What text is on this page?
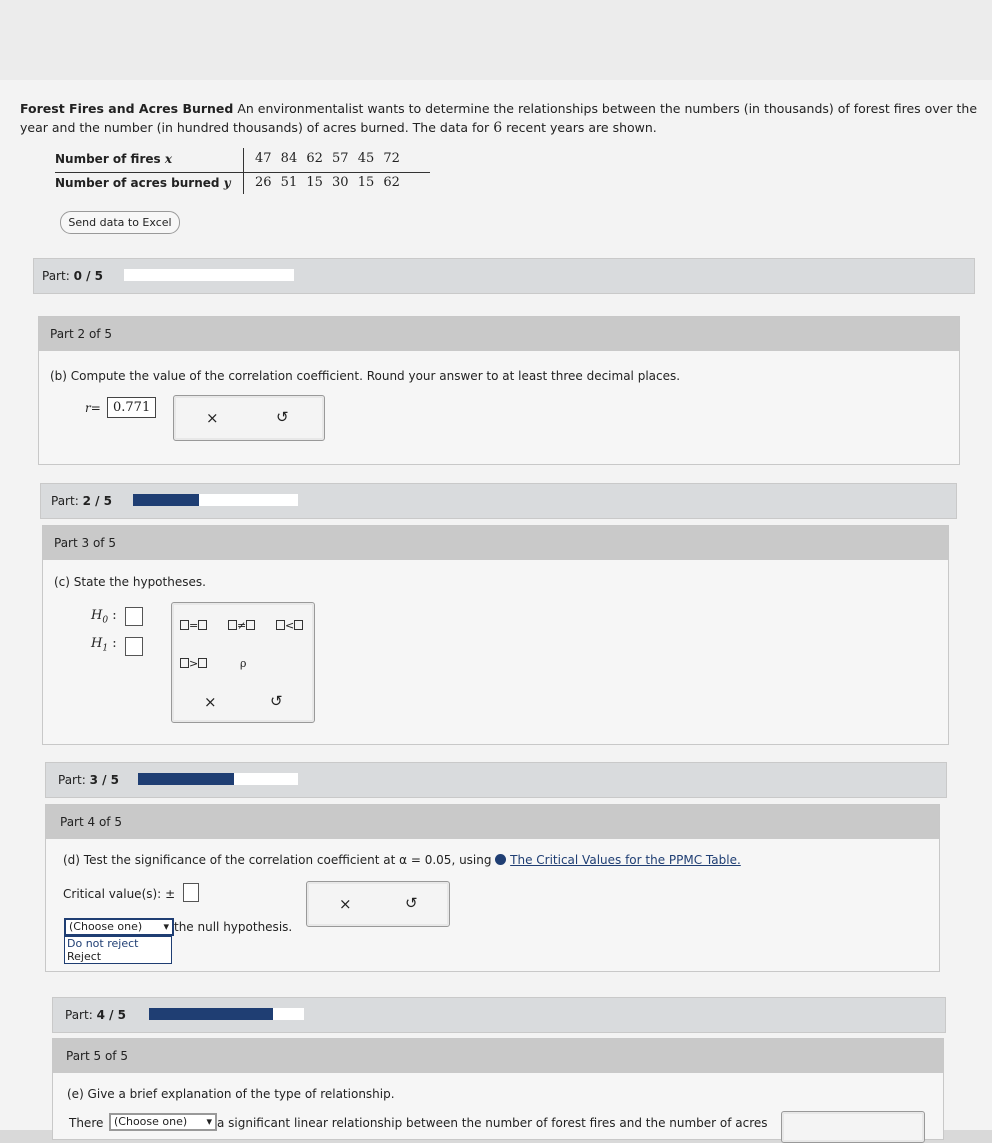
Forest Fires and Acres Burned An environmentalist wants to determine the relationships between the numbers (in thousands) of forest fires over the year and the number (in hundred thousands) of acres burned. The data for 6 recent years are shown.
Number of fires x	47 84 62 57 45 72
Number of acres burned y	26 51 15 30 15 62
Send data to Excel
Part: 0 / 5
Part 2 of 5
(b) Compute the value of the correlation coefficient. Round your answer to at least three decimal places.
r= 0.771
×	↺
Part: 2 / 5
Part 3 of 5
(c) State the hypotheses.
$H_0$ :
$H_1$ :
=	≠	<
>	ρ
×	↺
Part: 3 / 5
Part 4 of 5
(d) Test the significance of the correlation coefficient at α = 0.05, using The Critical Values for the PPMC Table.
Critical value(s): ±
×	↺
(Choose one) ▾ the null hypothesis.
Do not reject
Reject
Part: 4 / 5
Part 5 of 5
(e) Give a brief explanation of the type of relationship.
There (Choose one) ▾ a significant linear relationship between the number of forest fires and the number of acres
